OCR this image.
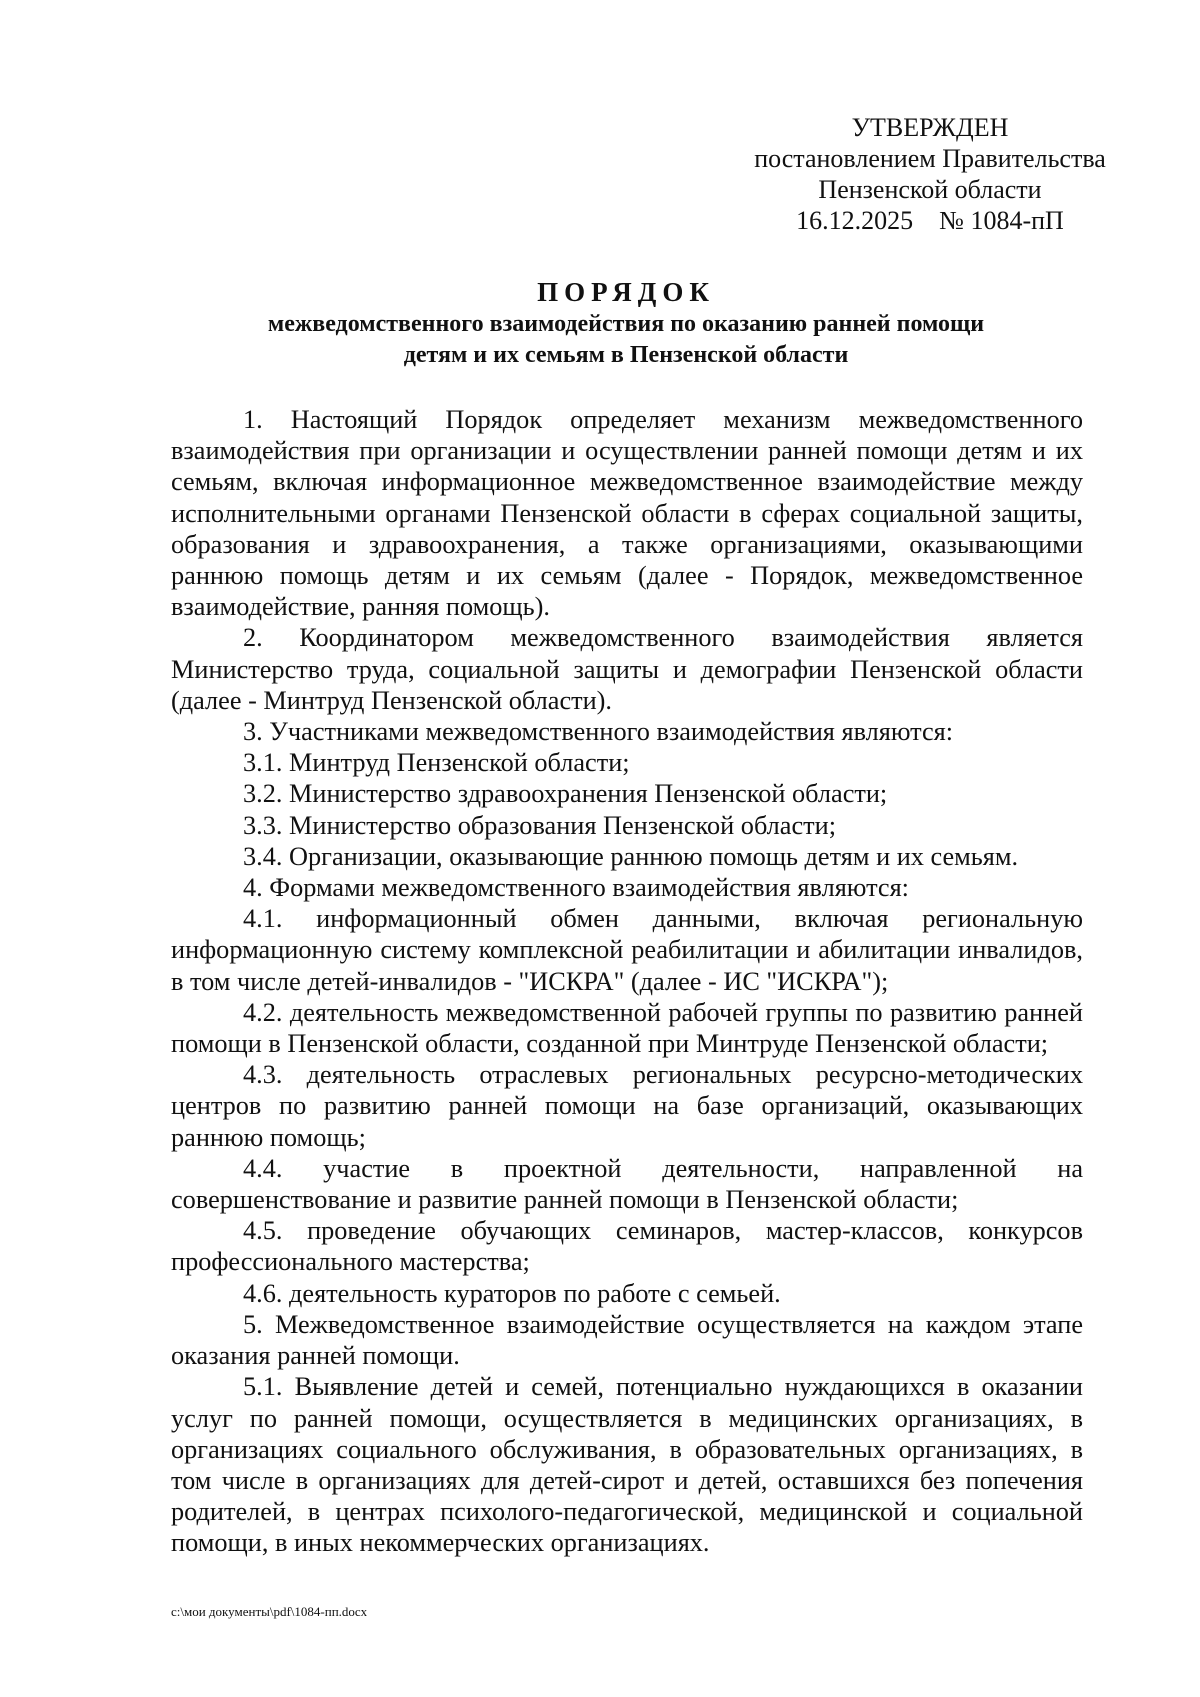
УТВЕРЖДЕН
постановлением Правительства
Пензенской области
16.12.2025    № 1084-пП
ПОРЯДОК
межведомственного взаимодействия по оказанию ранней помощи
детям и их семьям в Пензенской области

1. Настоящий Порядок определяет механизм межведомственного взаимодействия при организации и осуществлении ранней помощи детям и их семьям, включая информационное межведомственное взаимодействие между исполнительными органами Пензенской области в сферах социальной защиты, образования и здравоохранения, а также организациями, оказывающими раннюю помощь детям и их семьям (далее - Порядок, межведомственное взаимодействие, ранняя помощь).

2. Координатором межведомственного взаимодействия является Министерство труда, социальной защиты и демографии Пензенской области (далее - Минтруд Пензенской области).

3. Участниками межведомственного взаимодействия являются:

3.1. Минтруд Пензенской области;

3.2. Министерство здравоохранения Пензенской области;

3.3. Министерство образования Пензенской области;

3.4. Организации, оказывающие раннюю помощь детям и их семьям.

4. Формами межведомственного взаимодействия являются:

4.1. информационный обмен данными, включая региональную информационную систему комплексной реабилитации и абилитации инвалидов, в том числе детей-инвалидов - "ИСКРА" (далее - ИС "ИСКРА");

4.2. деятельность межведомственной рабочей группы по развитию ранней помощи в Пензенской области, созданной при Минтруде Пензенской области;

4.3. деятельность отраслевых региональных ресурсно-методических центров по развитию ранней помощи на базе организаций, оказывающих раннюю помощь;

4.4. участие в проектной деятельности, направленной на совершенствование и развитие ранней помощи в Пензенской области;

4.5. проведение обучающих семинаров, мастер-классов, конкурсов профессионального мастерства;

4.6. деятельность кураторов по работе с семьей.

5. Межведомственное взаимодействие осуществляется на каждом этапе оказания ранней помощи.

5.1. Выявление детей и семей, потенциально нуждающихся в оказании услуг по ранней помощи, осуществляется в медицинских организациях, в организациях социального обслуживания, в образовательных организациях, в том числе в организациях для детей-сирот и детей, оставшихся без попечения родителей, в центрах психолого-педагогической, медицинской и социальной помощи, в иных некоммерческих организациях.

c:\мои документы\pdf\1084-пп.docx
